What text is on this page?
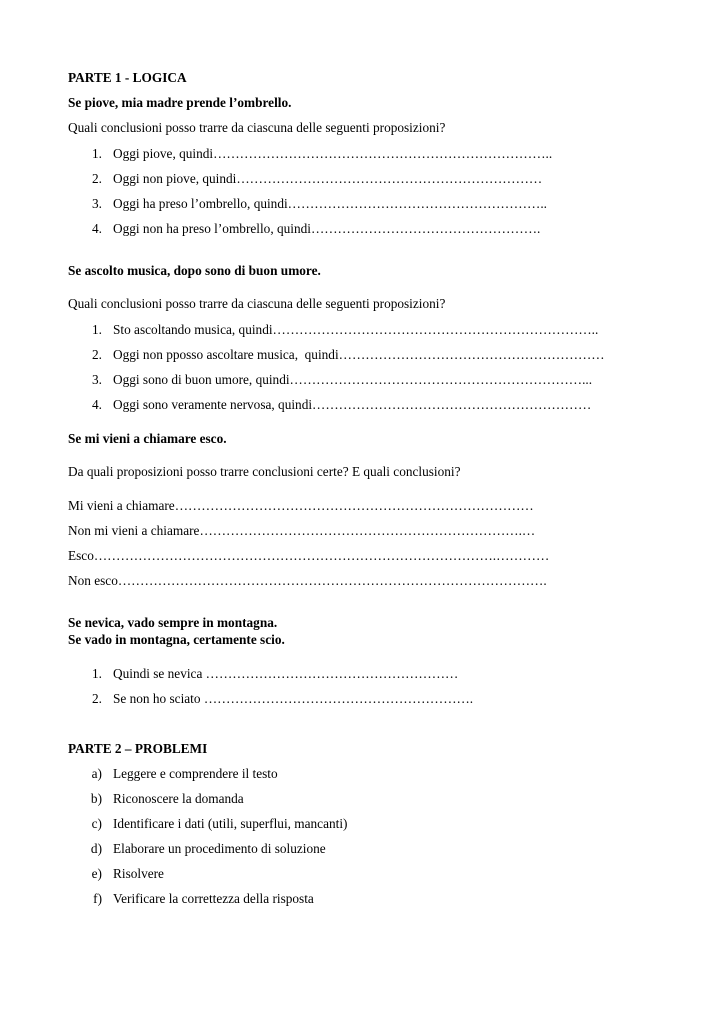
PARTE 1 - LOGICA
Se piove, mia madre prende l’ombrello.
Quali conclusioni posso trarre da ciascuna delle seguenti proposizioni?
1. Oggi piove, quindi…………………………………………………………………..
2. Oggi non piove, quindi……………………………………………………………
3. Oggi ha preso l’ombrello, quindi…………………………………………………..
4. Oggi non ha preso l’ombrello, quindi…………………………………………….
Se ascolto musica, dopo sono di buon umore.
Quali conclusioni posso trarre da ciascuna delle seguenti proposizioni?
1. Sto ascoltando musica, quindi………………………………………………………………..
2. Oggi non pposso ascoltare musica,  quindi……………………………………………………
3. Oggi sono di buon umore, quindi…………………………………………………………...
4. Oggi sono veramente nervosa, quindi………………………………………………………
Se mi vieni a chiamare esco.
Da quali proposizioni posso trarre conclusioni certe? E quali conclusioni?
Mi vieni a chiamare………………………………………………………………………
Non mi vieni a chiamare……………………………………………………………….…
Esco……………………………………………………………………………….…………
Non esco…………………………………………………………………………………….
Se nevica, vado sempre in montagna.
Se vado in montagna, certamente scio.
1. Quindi se nevica …………………………………………………
2. Se non ho sciato …………………………………………………….
PARTE 2 – PROBLEMI
a) Leggere e comprendere il testo
b) Riconoscere la domanda
c) Identificare i dati (utili, superflui, mancanti)
d) Elaborare un procedimento di soluzione
e) Risolvere
f) Verificare la correttezza della risposta
